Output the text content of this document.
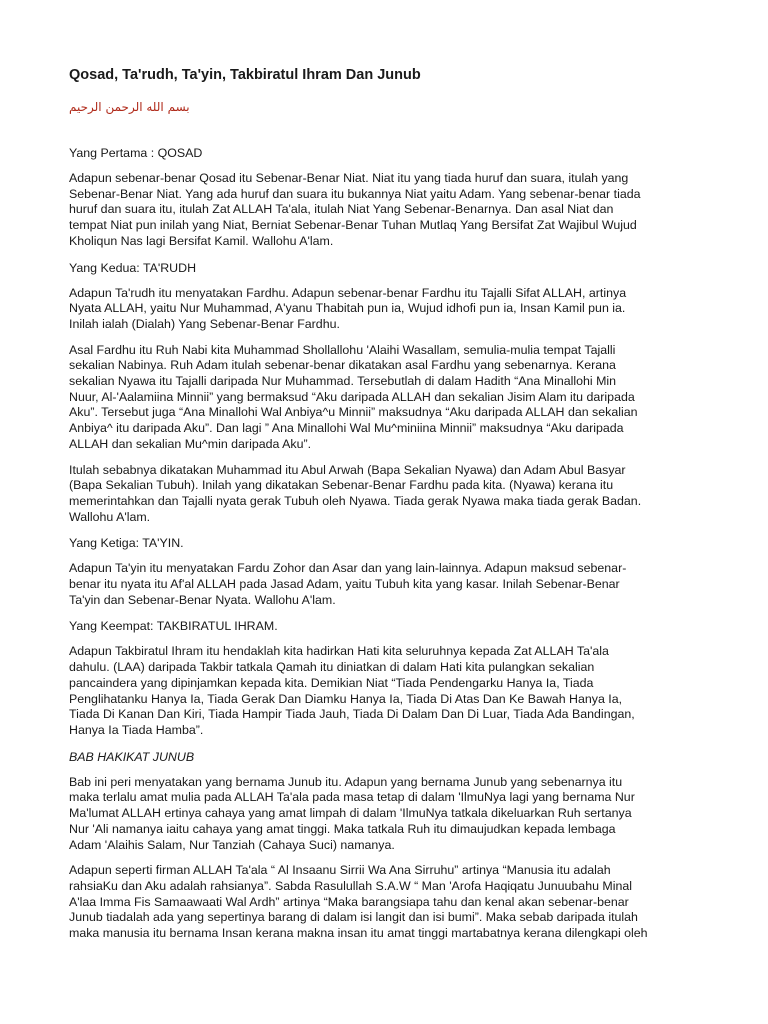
Qosad, Ta'rudh, Ta'yin, Takbiratul Ihram Dan Junub
بسم الله الرحمن الرحيم
Yang Pertama : QOSAD
Adapun sebenar-benar Qosad itu Sebenar-Benar Niat. Niat itu yang tiada huruf dan suara, itulah yang
Sebenar-Benar Niat. Yang ada huruf dan suara itu bukannya Niat yaitu Adam. Yang sebenar-benar tiada
huruf dan suara itu, itulah Zat ALLAH Ta'ala, itulah Niat Yang Sebenar-Benarnya. Dan asal Niat dan
tempat Niat pun inilah yang Niat, Berniat Sebenar-Benar Tuhan Mutlaq Yang Bersifat Zat Wajibul Wujud
Kholiqun Nas lagi Bersifat Kamil. Wallohu A'lam.
Yang Kedua: TA'RUDH
Adapun Ta'rudh itu menyatakan Fardhu. Adapun sebenar-benar Fardhu itu Tajalli Sifat ALLAH, artinya
Nyata ALLAH, yaitu Nur Muhammad, A'yanu Thabitah pun ia, Wujud idhofi pun ia, Insan Kamil pun ia.
Inilah ialah (Dialah) Yang Sebenar-Benar Fardhu.
Asal Fardhu itu Ruh Nabi kita Muhammad Shollallohu 'Alaihi Wasallam, semulia-mulia tempat Tajalli
sekalian Nabinya. Ruh Adam itulah sebenar-benar dikatakan asal Fardhu yang sebenarnya. Kerana
sekalian Nyawa itu Tajalli daripada Nur Muhammad. Tersebutlah di dalam Hadith “Ana Minallohi Min
Nuur, Al-'Aalamiina Minnii” yang bermaksud “Aku daripada ALLAH dan sekalian Jisim Alam itu daripada
Aku”. Tersebut juga “Ana Minallohi Wal Anbiya^u Minnii” maksudnya “Aku daripada ALLAH dan sekalian
Anbiya^ itu daripada Aku”. Dan lagi ” Ana Minallohi Wal Mu^miniina Minnii” maksudnya “Aku daripada
ALLAH dan sekalian Mu^min daripada Aku”.
Itulah sebabnya dikatakan Muhammad itu Abul Arwah (Bapa Sekalian Nyawa) dan Adam Abul Basyar
(Bapa Sekalian Tubuh). Inilah yang dikatakan Sebenar-Benar Fardhu pada kita. (Nyawa) kerana itu
memerintahkan dan Tajalli nyata gerak Tubuh oleh Nyawa. Tiada gerak Nyawa maka tiada gerak Badan.
Wallohu A'lam.
Yang Ketiga: TA'YIN.
Adapun Ta'yin itu menyatakan Fardu Zohor dan Asar dan yang lain-lainnya. Adapun maksud sebenar-
benar itu nyata itu Af'al ALLAH pada Jasad Adam, yaitu Tubuh kita yang kasar. Inilah Sebenar-Benar
Ta'yin dan Sebenar-Benar Nyata. Wallohu A'lam.
Yang Keempat: TAKBIRATUL IHRAM.
Adapun Takbiratul Ihram itu hendaklah kita hadirkan Hati kita seluruhnya kepada Zat ALLAH Ta'ala
dahulu. (LAA) daripada Takbir tatkala Qamah itu diniatkan di dalam Hati kita pulangkan sekalian
pancaindera yang dipinjamkan kepada kita. Demikian Niat “Tiada Pendengarku Hanya Ia, Tiada
Penglihatanku Hanya Ia, Tiada Gerak Dan Diamku Hanya Ia, Tiada Di Atas Dan Ke Bawah Hanya Ia,
Tiada Di Kanan Dan Kiri, Tiada Hampir Tiada Jauh, Tiada Di Dalam Dan Di Luar, Tiada Ada Bandingan,
Hanya Ia Tiada Hamba”.
BAB HAKIKAT JUNUB
Bab ini peri menyatakan yang bernama Junub itu. Adapun yang bernama Junub yang sebenarnya itu
maka terlalu amat mulia pada ALLAH Ta'ala pada masa tetap di dalam 'IlmuNya lagi yang bernama Nur
Ma'lumat ALLAH ertinya cahaya yang amat limpah di dalam 'IlmuNya tatkala dikeluarkan Ruh sertanya
Nur 'Ali namanya iaitu cahaya yang amat tinggi. Maka tatkala Ruh itu dimaujudkan kepada lembaga
Adam 'Alaihis Salam, Nur Tanziah (Cahaya Suci) namanya.
Adapun seperti firman ALLAH Ta'ala “ Al Insaanu Sirrii Wa Ana Sirruhu” artinya “Manusia itu adalah
rahsiaKu dan Aku adalah rahsianya”. Sabda Rasulullah S.A.W “ Man 'Arofa Haqiqatu Junuubahu Minal
A'laa Imma Fis Samaawaati Wal Ardh” artinya “Maka barangsiapa tahu dan kenal akan sebenar-benar
Junub tiadalah ada yang sepertinya barang di dalam isi langit dan isi bumi”. Maka sebab daripada itulah
maka manusia itu bernama Insan kerana makna insan itu amat tinggi martabatnya kerana dilengkapi oleh
